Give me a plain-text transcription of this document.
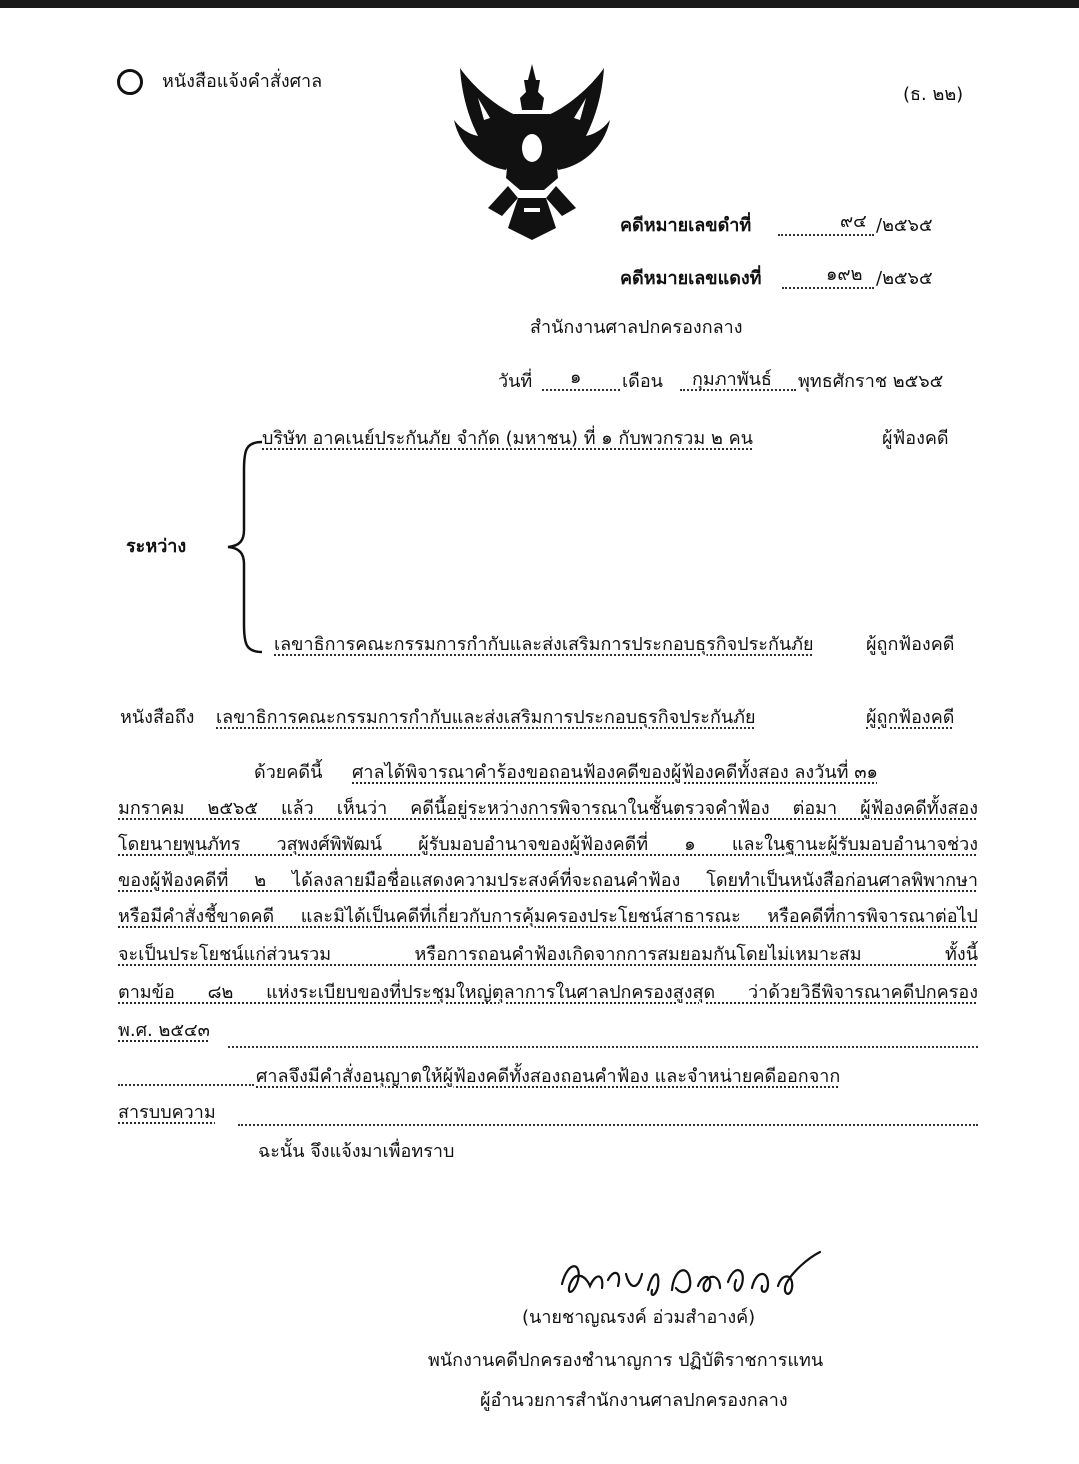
หนังสือแจ้งคำสั่งศาล
(ธ. ๒๒)
คดีหมายเลขดำที่	๙๔ /๒๕๖๕
คดีหมายเลขแดงที่	๑๙๒ /๒๕๖๕
สำนักงานศาลปกครองกลาง
วันที่ ๑ เดือน กุมภาพันธ์ พุทธศักราช ๒๕๖๕
บริษัท อาคเนย์ประกันภัย จำกัด (มหาชน) ที่ ๑ กับพวกรวม ๒ คน	ผู้ฟ้องคดี
ระหว่าง
เลขาธิการคณะกรรมการกำกับและส่งเสริมการประกอบธุรกิจประกันภัย	ผู้ถูกฟ้องคดี
หนังสือถึง เลขาธิการคณะกรรมการกำกับและส่งเสริมการประกอบธุรกิจประกันภัย	ผู้ถูกฟ้องคดี
ด้วยคดีนี้ ศาลได้พิจารณาคำร้องขอถอนฟ้องคดีของผู้ฟ้องคดีทั้งสอง ลงวันที่ ๓๑
มกราคม ๒๕๖๕ แล้ว เห็นว่า คดีนี้อยู่ระหว่างการพิจารณาในชั้นตรวจคำฟ้อง ต่อมา ผู้ฟ้องคดีทั้งสอง
โดยนายพูนภัทร วสุพงศ์พิพัฒน์ ผู้รับมอบอำนาจของผู้ฟ้องคดีที่ ๑ และในฐานะผู้รับมอบอำนาจช่วง
ของผู้ฟ้องคดีที่ ๒ ได้ลงลายมือชื่อแสดงความประสงค์ที่จะถอนคำฟ้อง โดยทำเป็นหนังสือก่อนศาลพิพากษา
หรือมีคำสั่งชี้ขาดคดี และมิได้เป็นคดีที่เกี่ยวกับการคุ้มครองประโยชน์สาธารณะ หรือคดีที่การพิจารณาต่อไป
จะเป็นประโยชน์แก่ส่วนรวม หรือการถอนคำฟ้องเกิดจากการสมยอมกันโดยไม่เหมาะสม ทั้งนี้
ตามข้อ ๘๒ แห่งระเบียบของที่ประชุมใหญ่ตุลาการในศาลปกครองสูงสุด ว่าด้วยวิธีพิจารณาคดีปกครอง
พ.ศ. ๒๕๔๓
ศาลจึงมีคำสั่งอนุญาตให้ผู้ฟ้องคดีทั้งสองถอนคำฟ้อง และจำหน่ายคดีออกจาก
สารบบความ
ฉะนั้น จึงแจ้งมาเพื่อทราบ
(นายชาญณรงค์ อ่วมสำอางค์)
พนักงานคดีปกครองชำนาญการ ปฏิบัติราชการแทน
ผู้อำนวยการสำนักงานศาลปกครองกลาง
